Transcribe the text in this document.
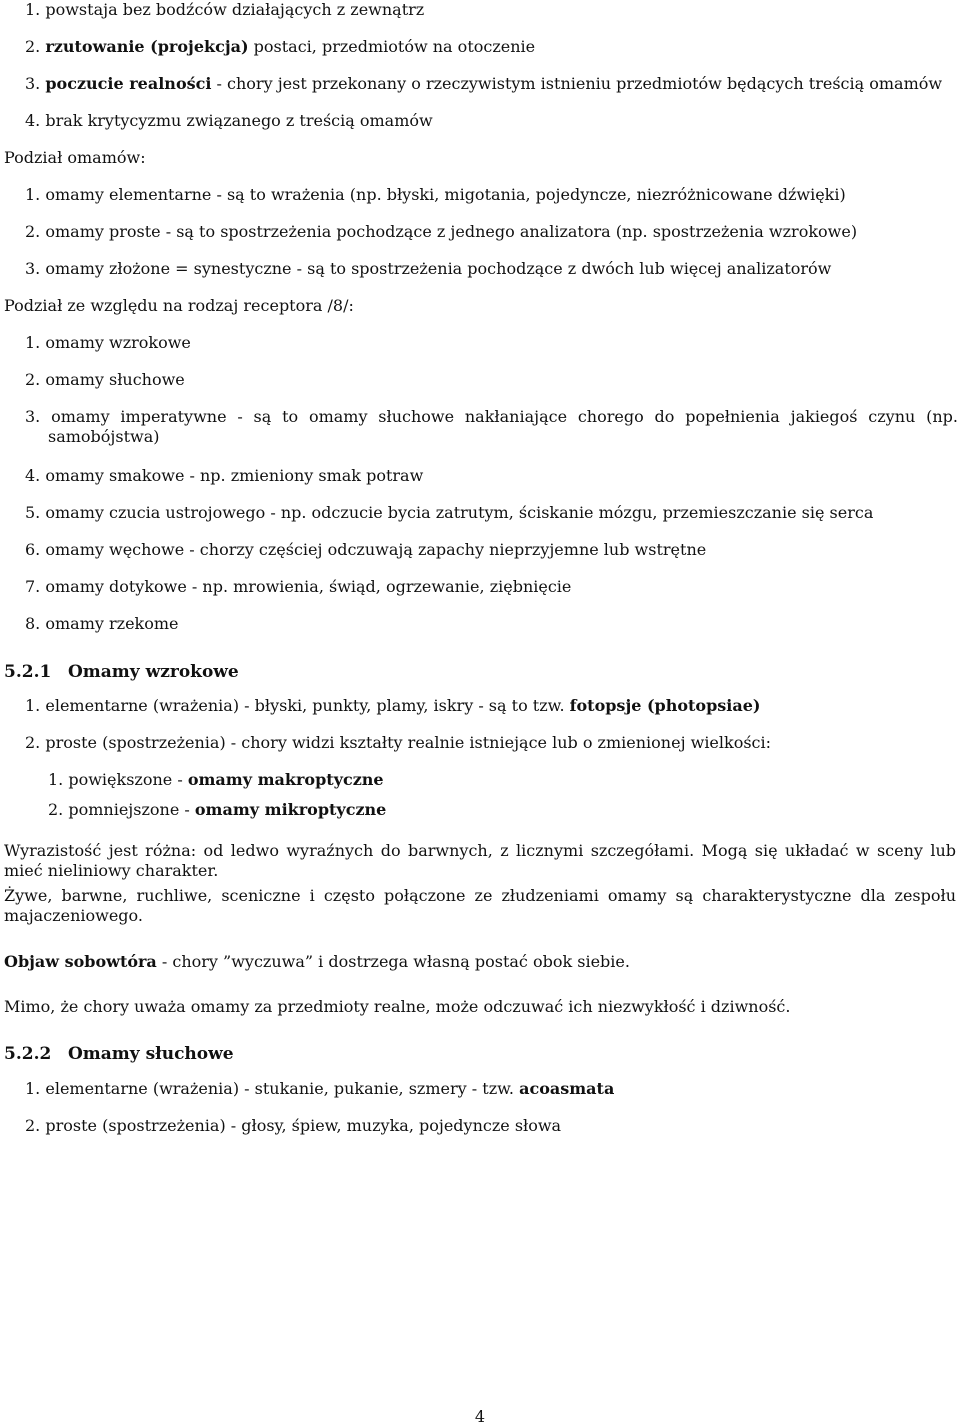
1. powstaja bez bodźców działających z zewnątrz

2. rzutowanie (projekcja) postaci, przedmiotów na otoczenie

3. poczucie realności - chory jest przekonany o rzeczywistym istnieniu przedmiotów będących treścią omamów

4. brak krytycyzmu związanego z treścią omamów

Podział omamów:

1. omamy elementarne - są to wrażenia (np. błyski, migotania, pojedyncze, niezróżnicowane dźwięki)

2. omamy proste - są to spostrzeżenia pochodzące z jednego analizatora (np. spostrzeżenia wzrokowe)

3. omamy złożone = synestyczne - są to spostrzeżenia pochodzące z dwóch lub więcej analizatorów

Podział ze względu na rodzaj receptora /8/:

1. omamy wzrokowe

2. omamy słuchowe

3. omamy imperatywne - są to omamy słuchowe nakłaniające chorego do popełnienia jakiegoś czynu (np. samobójstwa)

4. omamy smakowe - np. zmieniony smak potraw

5. omamy czucia ustrojowego - np. odczucie bycia zatrutym, ściskanie mózgu, przemieszczanie się serca

6. omamy węchowe - chorzy częściej odczuwają zapachy nieprzyjemne lub wstrętne

7. omamy dotykowe - np. mrowienia, świąd, ogrzewanie, ziębnięcie

8. omamy rzekome

5.2.1 Omamy wzrokowe

1. elementarne (wrażenia) - błyski, punkty, plamy, iskry - są to tzw. fotopsje (photopsiae)

2. proste (spostrzeżenia) - chory widzi kształty realnie istniejące lub o zmienionej wielkości:

1. powiększone - omamy makroptyczne

2. pomniejszone - omamy mikroptyczne

Wyrazistość jest różna: od ledwo wyraźnych do barwnych, z licznymi szczegółami. Mogą się układać w sceny lub mieć nieliniowy charakter.

Żywe, barwne, ruchliwe, sceniczne i często połączone ze złudzeniami omamy są charakterystyczne dla zespołu majaczeniowego.

Objaw sobowtóra - chory ”wyczuwa” i dostrzega własną postać obok siebie.

Mimo, że chory uważa omamy za przedmioty realne, może odczuwać ich niezwykłość i dziwność.

5.2.2 Omamy słuchowe

1. elementarne (wrażenia) - stukanie, pukanie, szmery - tzw. acoasmata

2. proste (spostrzeżenia) - głosy, śpiew, muzyka, pojedyncze słowa

4
